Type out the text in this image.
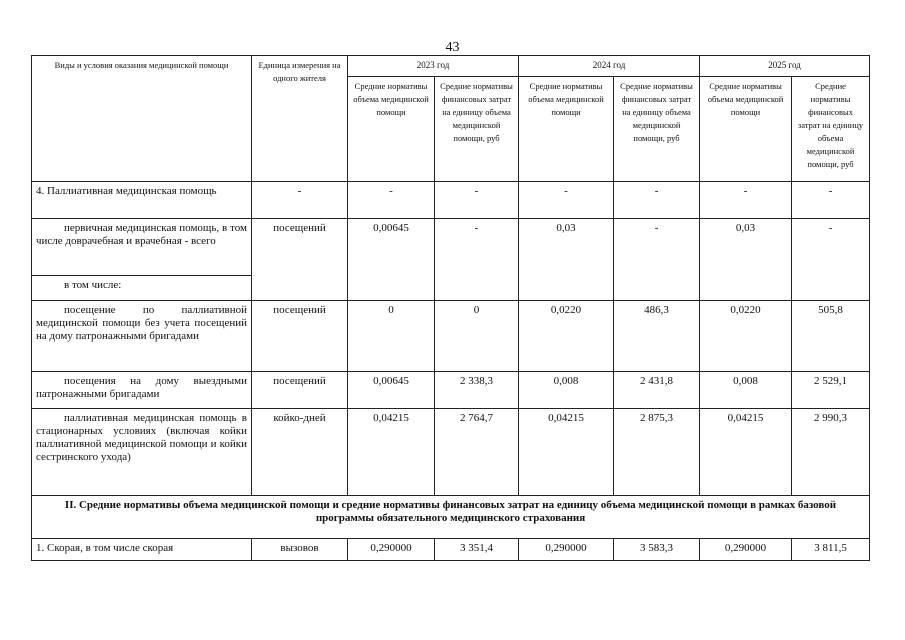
43
Виды и условия оказания медицинской помощи	Единица измерения на одного жителя	2023 год		2024 год		2025 год	
		Средние нормативы объема медицинской помощи	Средние нормативы финансовых затрат на единицу объема медицинской помощи, руб	Средние нормативы объема медицинской помощи	Средние нормативы финансовых затрат на единицу объема медицинской помощи, руб	Средние нормативы объема медицинской помощи	Средние нормативы финансовых затрат на единицу объема медицинской помощи, руб
4. Паллиативная медицинская помощь	-	-	-	-	-	-	-
первичная медицинская помощь, в том числе доврачебная и врачебная - всего	посещений	0,00645	-	0,03	-	0,03	-
в том числе:							
посещение по паллиативной медицинской помощи без учета посещений на дому патронажными бригадами	посещений	0	0	0,0220	486,3	0,0220	505,8
посещения на дому выездными патронажными бригадами	посещений	0,00645	2 338,3	0,008	2 431,8	0,008	2 529,1
паллиативная медицинская помощь в стационарных условиях (включая койки паллиативной медицинской помощи и койки сестринского ухода)	койко-дней	0,04215	2 764,7	0,04215	2 875,3	0,04215	2 990,3
II. Средние нормативы объема медицинской помощи и средние нормативы финансовых затрат на единицу объема медицинской помощи в рамках базовой программы обязательного медицинского страхования							
1. Скорая, в том числе скорая	вызовов	0,290000	3 351,4	0,290000	3 583,3	0,290000	3 811,5
